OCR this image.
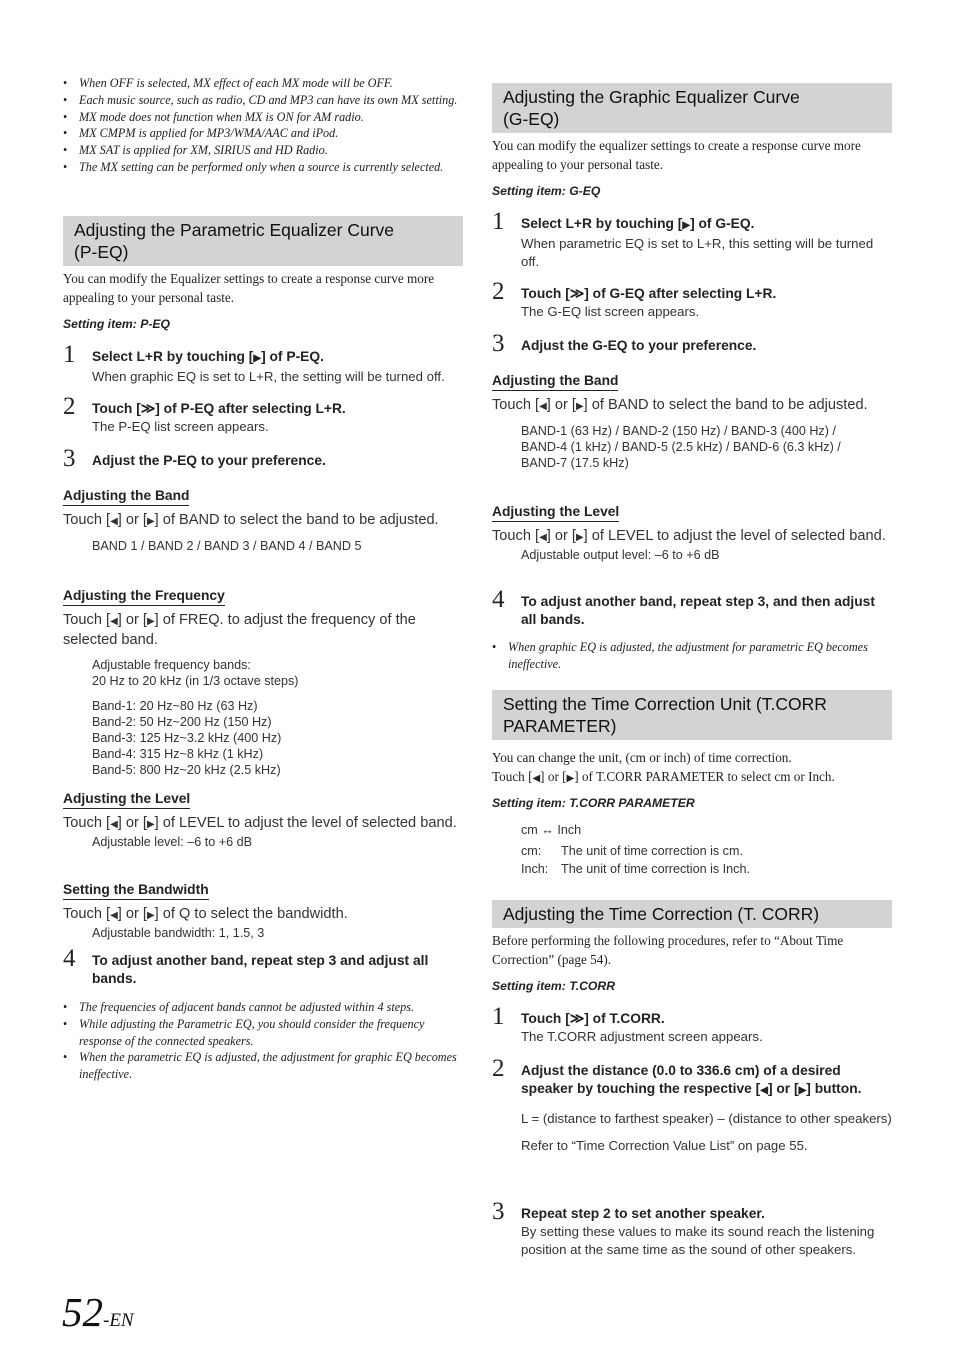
• When OFF is selected, MX effect of each MX mode will be OFF.
• Each music source, such as radio, CD and MP3 can have its own MX setting.
• MX mode does not function when MX is ON for AM radio.
• MX CMPM is applied for MP3/WMA/AAC and iPod.
• MX SAT is applied for XM, SIRIUS and HD Radio.
• The MX setting can be performed only when a source is currently selected.
Adjusting the Parametric Equalizer Curve
(P-EQ)
You can modify the Equalizer settings to create a response curve more appealing to your personal taste.
Setting item: P-EQ
1	Select L+R by touching [▶] of P-EQ.
When graphic EQ is set to L+R, the setting will be turned off.
2	Touch [≫] of P-EQ after selecting L+R.
The P-EQ list screen appears.
3	Adjust the P-EQ to your preference.
Adjusting the Band
Touch [◀] or [▶] of BAND to select the band to be adjusted.
BAND 1 / BAND 2 / BAND 3 / BAND 4 / BAND 5
Adjusting the Frequency
Touch [◀] or [▶] of FREQ. to adjust the frequency of the selected band.
Adjustable frequency bands:
20 Hz to 20 kHz (in 1/3 octave steps)
Band-1: 20 Hz~80 Hz (63 Hz)
Band-2: 50 Hz~200 Hz (150 Hz)
Band-3: 125 Hz~3.2 kHz (400 Hz)
Band-4: 315 Hz~8 kHz (1 kHz)
Band-5: 800 Hz~20 kHz (2.5 kHz)
Adjusting the Level
Touch [◀] or [▶] of LEVEL to adjust the level of selected band.
Adjustable level: –6 to +6 dB
Setting the Bandwidth
Touch [◀] or [▶] of Q to select the bandwidth.
Adjustable bandwidth: 1, 1.5, 3
4	To adjust another band, repeat step 3 and adjust all bands.
• The frequencies of adjacent bands cannot be adjusted within 4 steps.
• While adjusting the Parametric EQ, you should consider the frequency response of the connected speakers.
• When the parametric EQ is adjusted, the adjustment for graphic EQ becomes ineffective.
Adjusting the Graphic Equalizer Curve
(G-EQ)
You can modify the equalizer settings to create a response curve more appealing to your personal taste.
Setting item: G-EQ
1	Select L+R by touching [▶] of G-EQ.
When parametric EQ is set to L+R, this setting will be turned off.
2	Touch [≫] of G-EQ after selecting L+R.
The G-EQ list screen appears.
3	Adjust the G-EQ to your preference.
Adjusting the Band
Touch [◀] or [▶] of BAND to select the band to be adjusted.
BAND-1 (63 Hz) / BAND-2 (150 Hz) / BAND-3 (400 Hz) /
BAND-4 (1 kHz) / BAND-5 (2.5 kHz) / BAND-6 (6.3 kHz) /
BAND-7 (17.5 kHz)
Adjusting the Level
Touch [◀] or [▶] of LEVEL to adjust the level of selected band.
Adjustable output level: –6 to +6 dB
4	To adjust another band, repeat step 3, and then adjust all bands.
• When graphic EQ is adjusted, the adjustment for parametric EQ becomes ineffective.
Setting the Time Correction Unit (T.CORR
PARAMETER)
You can change the unit, (cm or inch) of time correction.
Touch [◀] or [▶] of T.CORR PARAMETER to select cm or Inch.
Setting item: T.CORR PARAMETER
cm ↔ Inch
cm:	The unit of time correction is cm.
Inch:	The unit of time correction is Inch.
Adjusting the Time Correction (T. CORR)
Before performing the following procedures, refer to “About Time Correction” (page 54).
Setting item: T.CORR
1	Touch [≫] of T.CORR.
The T.CORR adjustment screen appears.
2	Adjust the distance (0.0 to 336.6 cm) of a desired speaker by touching the respective [◀] or [▶] button.
L = (distance to farthest speaker) – (distance to other speakers)
Refer to “Time Correction Value List” on page 55.
3	Repeat step 2 to set another speaker.
By setting these values to make its sound reach the listening position at the same time as the sound of other speakers.
52-EN
